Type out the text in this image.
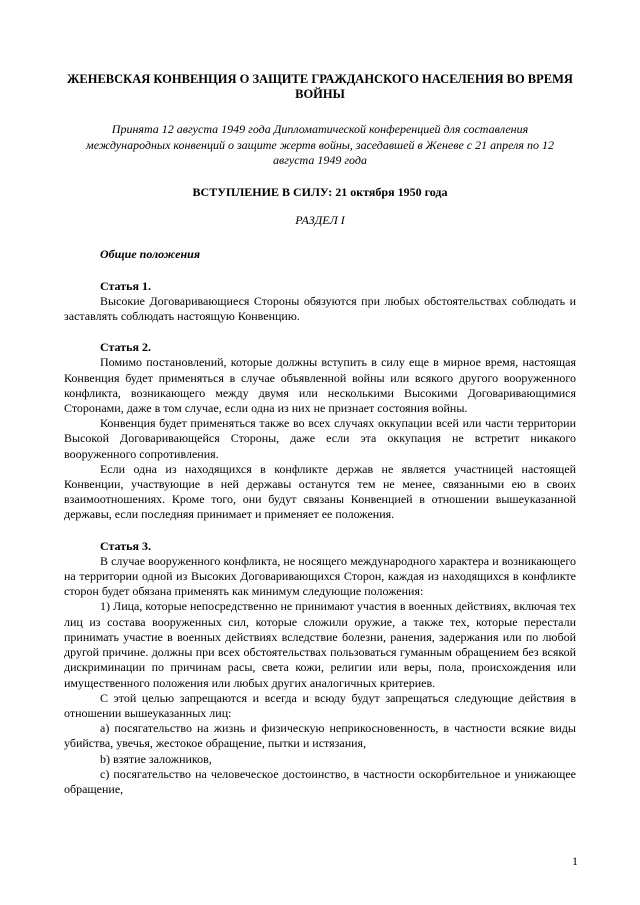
ЖЕНЕВСКАЯ КОНВЕНЦИЯ О ЗАЩИТЕ ГРАЖДАНСКОГО НАСЕЛЕНИЯ ВО ВРЕМЯ ВОЙНЫ
Принята 12 августа 1949 года Дипломатической конференцией для составления международных конвенций о защите жертв войны, заседавшей в Женеве с 21 апреля по 12 августа 1949 года
ВСТУПЛЕНИЕ В СИЛУ: 21 октября 1950 года
РАЗДЕЛ I
Общие положения

Статья 1.

Высокие Договаривающиеся Стороны обязуются при любых обстоятельствах соблюдать и заставлять соблюдать настоящую Конвенцию.

Статья 2.

Помимо постановлений, которые должны вступить в силу еще в мирное время, настоящая Конвенция будет применяться в случае объявленной войны или всякого другого вооруженного конфликта, возникающего между двумя или несколькими Высокими Договаривающимися Сторонами, даже в том случае, если одна из них не признает состояния войны.

Конвенция будет применяться также во всех случаях оккупации всей или части территории Высокой Договаривающейся Стороны, даже если эта оккупация не встретит никакого вооруженного сопротивления.

Если одна из находящихся в конфликте держав не является участницей настоящей Конвенции, участвующие в ней державы останутся тем не менее, связанными ею в своих взаимоотношениях. Кроме того, они будут связаны Конвенцией в отношении вышеуказанной державы, если последняя принимает и применяет ее положения.

Статья 3.

В случае вооруженного конфликта, не носящего международного характера и возникающего на территории одной из Высоких Договаривающихся Сторон, каждая из находящихся в конфликте сторон будет обязана применять как минимум следующие положения:

1) Лица, которые непосредственно не принимают участия в военных действиях, включая тех лиц из состава вооруженных сил, которые сложили оружие, а также тех, которые перестали принимать участие в военных действиях вследствие болезни, ранения, задержания или по любой другой причине. должны при всех обстоятельствах пользоваться гуманным обращением без всякой дискриминации по причинам расы, света кожи, религии или веры, пола, происхождения или имущественного положения или любых других аналогичных критериев.

С этой целью запрещаются и всегда и всюду будут запрещаться следующие действия в отношении вышеуказанных лиц:

а) посягательство на жизнь и физическую неприкосновенность, в частности всякие виды убийства, увечья, жестокое обращение, пытки и истязания,

b) взятие заложников,

с) посягательство на человеческое достоинство, в частности оскорбительное и унижающее обращение,

1
